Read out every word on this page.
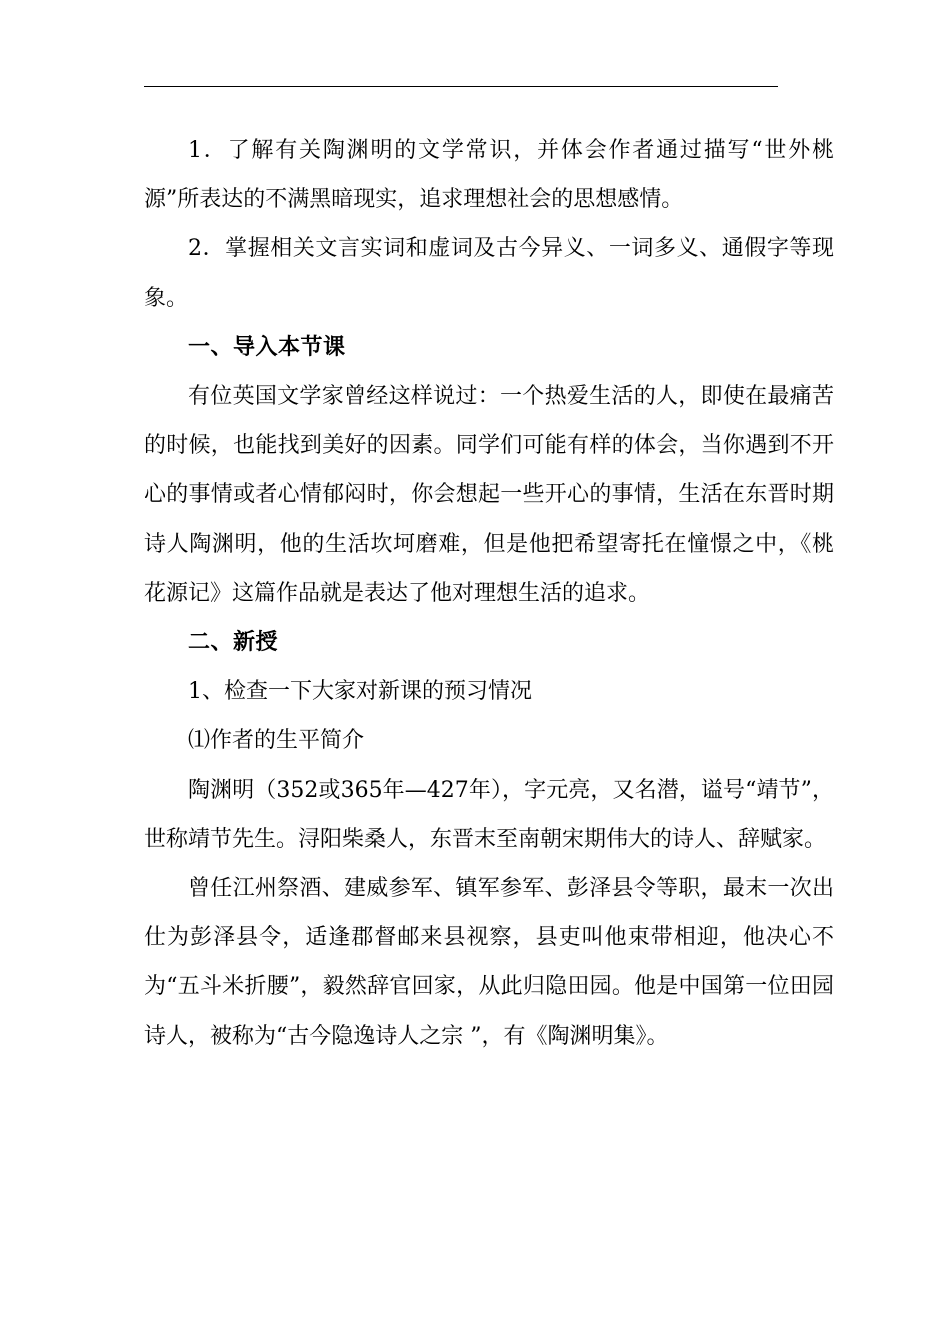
1．了解有关陶渊明的文学常识，并体会作者通过描写“世外桃源”所表达的不满黑暗现实，追求理想社会的思想感情。

2．掌握相关文言实词和虚词及古今异义、一词多义、通假字等现象。

一、导入本节课

有位英国文学家曾经这样说过：一个热爱生活的人，即使在最痛苦的时候，也能找到美好的因素。同学们可能有样的体会，当你遇到不开心的事情或者心情郁闷时，你会想起一些开心的事情，生活在东晋时期诗人陶渊明，他的生活坎坷磨难，但是他把希望寄托在憧憬之中，《桃花源记》这篇作品就是表达了他对理想生活的追求。

二、新授

1、检查一下大家对新课的预习情况

⑴作者的生平简介

陶渊明（352或365年—427年），字元亮，又名潜，谥号“靖节”，世称靖节先生。浔阳柴桑人，东晋末至南朝宋期伟大的诗人、辞赋家。

曾任江州祭酒、建威参军、镇军参军、彭泽县令等职，最末一次出仕为彭泽县令，适逢郡督邮来县视察，县吏叫他束带相迎，他决心不为“五斗米折腰”，毅然辞官回家，从此归隐田园。他是中国第一位田园诗人，被称为“古今隐逸诗人之宗 ”，有《陶渊明集》。
